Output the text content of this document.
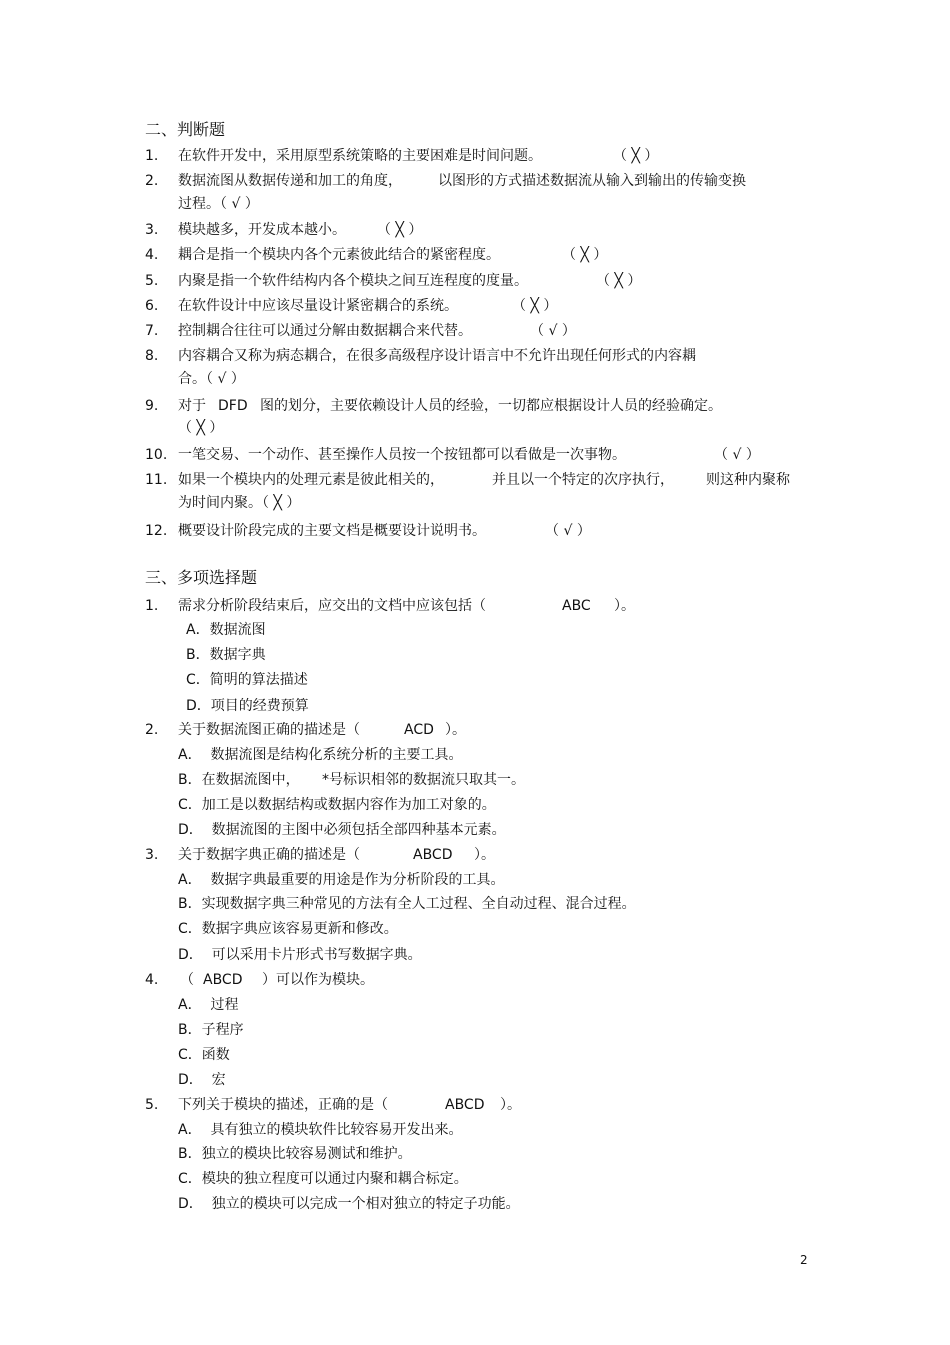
二、判断题
1. 在软件开发中，采用原型系统策略的主要困难是时间问题。	（ ╳ ）
2. 数据流图从数据传递和加工的角度，	以图形的方式描述数据流从输入到输出的传输变换
过程。（ √ ）
3. 模块越多，开发成本越小。 （ ╳ ）
4. 耦合是指一个模块内各个元素彼此结合的紧密程度。	（ ╳ ）
5. 内聚是指一个软件结构内各个模块之间互连程度的度量。	（ ╳ ）
6. 在软件设计中应该尽量设计紧密耦合的系统。	（ ╳ ）
7. 控制耦合往往可以通过分解由数据耦合来代替。	（ √ ）
8. 内容耦合又称为病态耦合，在很多高级程序设计语言中不允许出现任何形式的内容耦
合。（ √ ）
9. 对于 DFD 图的划分，主要依赖设计人员的经验，一切都应根据设计人员的经验确定。
（ ╳ ）
10. 一笔交易、一个动作、甚至操作人员按一个按钮都可以看做是一次事物。	（ √ ）
11. 如果一个模块内的处理元素是彼此相关的，	并且以一个特定的次序执行， 则这种内聚称
为时间内聚。（ ╳ ）
12. 概要设计阶段完成的主要文档是概要设计说明书。	（ √ ）
三、多项选择题
1. 需求分析阶段结束后，应交出的文档中应该包括（	ABC ）。
A．数据流图
B．数据字典
C．简明的算法描述
D．项目的经费预算
2. 关于数据流图正确的描述是（	ACD ）。
A．  数据流图是结构化系统分析的主要工具。
B．在数据流图中， *号标识相邻的数据流只取其一。
C．加工是以数据结构或数据内容作为加工对象的。
D．  数据流图的主图中必须包括全部四种基本元素。
3. 关于数据字典正确的描述是（	ABCD ）。
A．  数据字典最重要的用途是作为分析阶段的工具。
B．实现数据字典三种常见的方法有全人工过程、全自动过程、混合过程。
C．数据字典应该容易更新和修改。
D．  可以采用卡片形式书写数据字典。
4. （ ABCD ）可以作为模块。
A．  过程
B．子程序
C．函数
D．  宏
5. 下列关于模块的描述，正确的是（	ABCD ）。
A．  具有独立的模块软件比较容易开发出来。
B．独立的模块比较容易测试和维护。
C．模块的独立程度可以通过内聚和耦合标定。
D．  独立的模块可以完成一个相对独立的特定子功能。
2
